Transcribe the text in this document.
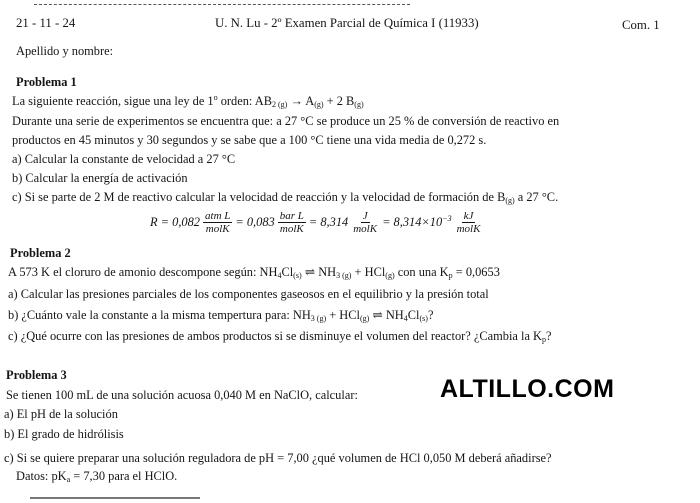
21 - 11 - 24	U. N. Lu - 2º Examen Parcial de Química I (11933)	Com. 1
Apellido y nombre:
Problema 1
La siguiente reacción, sigue una ley de 1$^o$ orden: $AB_{2 (g)} \to A_{(g)} + 2$ $B_{(g)}$
Durante una serie de experimentos se encuentra que: a 27 °C se produce un 25 % de conversión de reactivo en
productos en 45 minutos y 30 segundos y se sabe que a 100 °C tiene una vida media de 0,272 s.
a) Calcular la constante de velocidad a 27 °C
b) Calcular la energía de activación
c) Si se parte de 2 M de reactivo calcular la velocidad de reacción y la velocidad de formación de $B_{(g)}$ a 27 °C.
$R = 0,082 \frac{\text{atm L}}{\text{molK}} = 0,083 \frac{\text{bar L}}{\text{molK}} = 8,314 \frac{J}{\text{molK}} = 8,314\times 10^{-3} \frac{kJ}{\text{molK}}$
Problema 2
A 573 K el cloruro de amonio descompone según: $NH_4Cl_{(s)}$ ⇌ $NH_{3 (g)} + HCl_{(g)}$ con una $K_p = 0,0653$
a) Calcular las presiones parciales de los componentes gaseosos en el equilibrio y la presión total
b) ¿Cuánto vale la constante a la misma tempertura para: $NH_{3 (g)} + HCl_{(g)}$ ⇌ $NH_4Cl_{(s)}$?
c) ¿Qué ocurre con las presiones de ambos productos si se disminuye el volumen del reactor? ¿Cambia la $K_p$?
Problema 3
Se tienen 100 mL de una solución acuosa 0,040 M en NaClO, calcular:
a) El pH de la solución
b) El grado de hidrólisis
c) Si se quiere preparar una solución reguladora de pH = 7,00 ¿qué volumen de HCl 0,050 M deberá añadirse?
Datos: $pK_a = 7,30$ para el HClO.
ALTILLO.COM
